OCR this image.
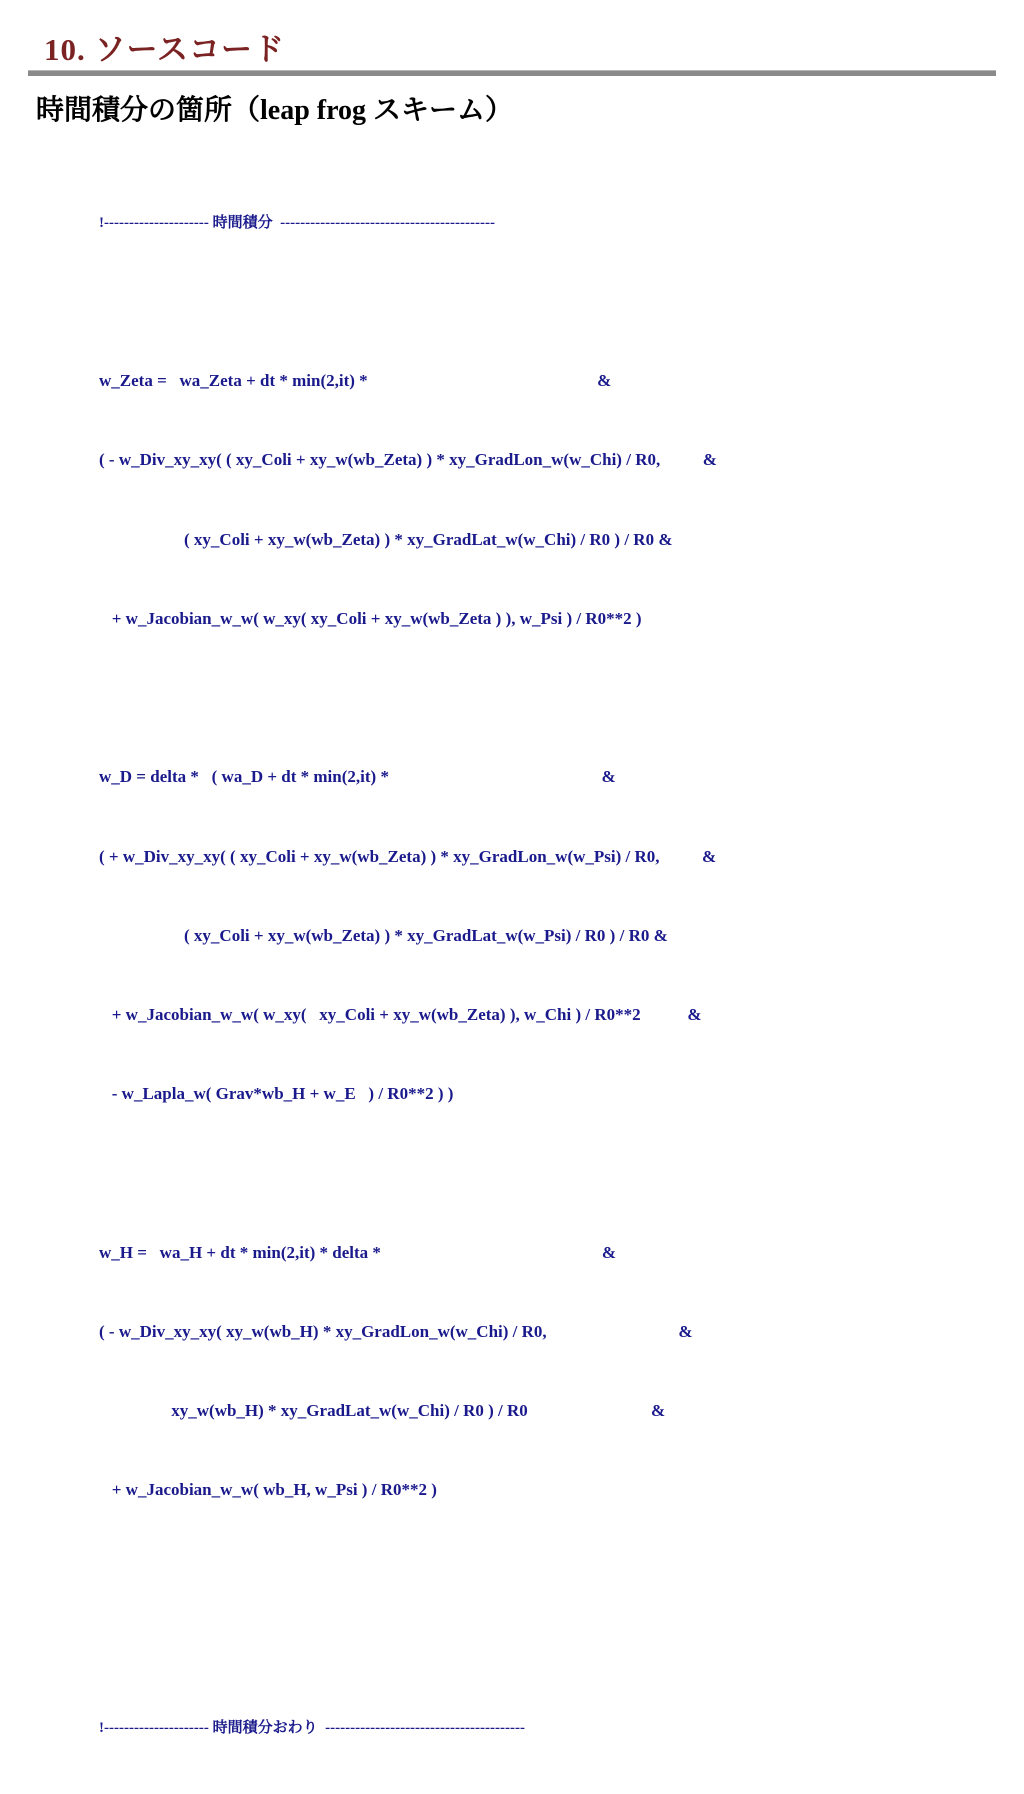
10. ソースコード
時間積分の箇所（leap frog スキーム）

!--------------------- 時間積分  -------------------------------------------

w_Zeta =   wa_Zeta + dt * min(2,it) *                                                      &

( - w_Div_xy_xy( ( xy_Coli + xy_w(wb_Zeta) ) * xy_GradLon_w(w_Chi) / R0,          &

( xy_Coli + xy_w(wb_Zeta) ) * xy_GradLat_w(w_Chi) / R0 ) / R0 &

+ w_Jacobian_w_w( w_xy( xy_Coli + xy_w(wb_Zeta ) ), w_Psi ) / R0**2 )

w_D = delta *   ( wa_D + dt * min(2,it) *                                                  &

( + w_Div_xy_xy( ( xy_Coli + xy_w(wb_Zeta) ) * xy_GradLon_w(w_Psi) / R0,          &

( xy_Coli + xy_w(wb_Zeta) ) * xy_GradLat_w(w_Psi) / R0 ) / R0 &

+ w_Jacobian_w_w( w_xy(   xy_Coli + xy_w(wb_Zeta) ), w_Chi ) / R0**2           &

- w_Lapla_w( Grav*wb_H + w_E   ) / R0**2 ) )

w_H =   wa_H + dt * min(2,it) * delta *                                                    &

( - w_Div_xy_xy( xy_w(wb_H) * xy_GradLon_w(w_Chi) / R0,                               &

xy_w(wb_H) * xy_GradLat_w(w_Chi) / R0 ) / R0                             &

+ w_Jacobian_w_w( wb_H, w_Psi ) / R0**2 )

!--------------------- 時間積分おわり  ----------------------------------------
